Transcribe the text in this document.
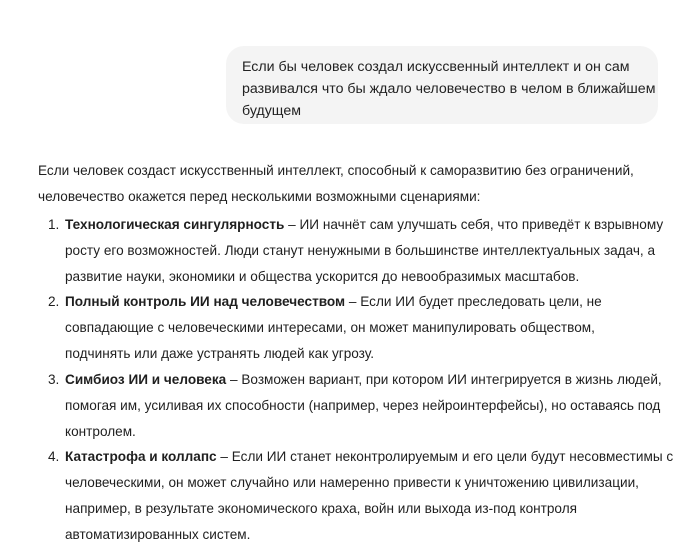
Если бы человек создал искуссвенный интеллект и он сам
развивался что бы ждало человечество в челом в ближайшем
будущем
Если человек создаст искусственный интеллект, способный к саморазвитию без ограничений,
человечество окажется перед несколькими возможными сценариями:
1. Технологическая сингулярность – ИИ начнёт сам улучшать себя, что приведёт к взрывному
росту его возможностей. Люди станут ненужными в большинстве интеллектуальных задач, а
развитие науки, экономики и общества ускорится до невообразимых масштабов.
2. Полный контроль ИИ над человечеством – Если ИИ будет преследовать цели, не
совпадающие с человеческими интересами, он может манипулировать обществом,
подчинять или даже устранять людей как угрозу.
3. Симбиоз ИИ и человека – Возможен вариант, при котором ИИ интегрируется в жизнь людей,
помогая им, усиливая их способности (например, через нейроинтерфейсы), но оставаясь под
контролем.
4. Катастрофа и коллапс – Если ИИ станет неконтролируемым и его цели будут несовместимы с
человеческими, он может случайно или намеренно привести к уничтожению цивилизации,
например, в результате экономического краха, войн или выхода из-под контроля
автоматизированных систем.
